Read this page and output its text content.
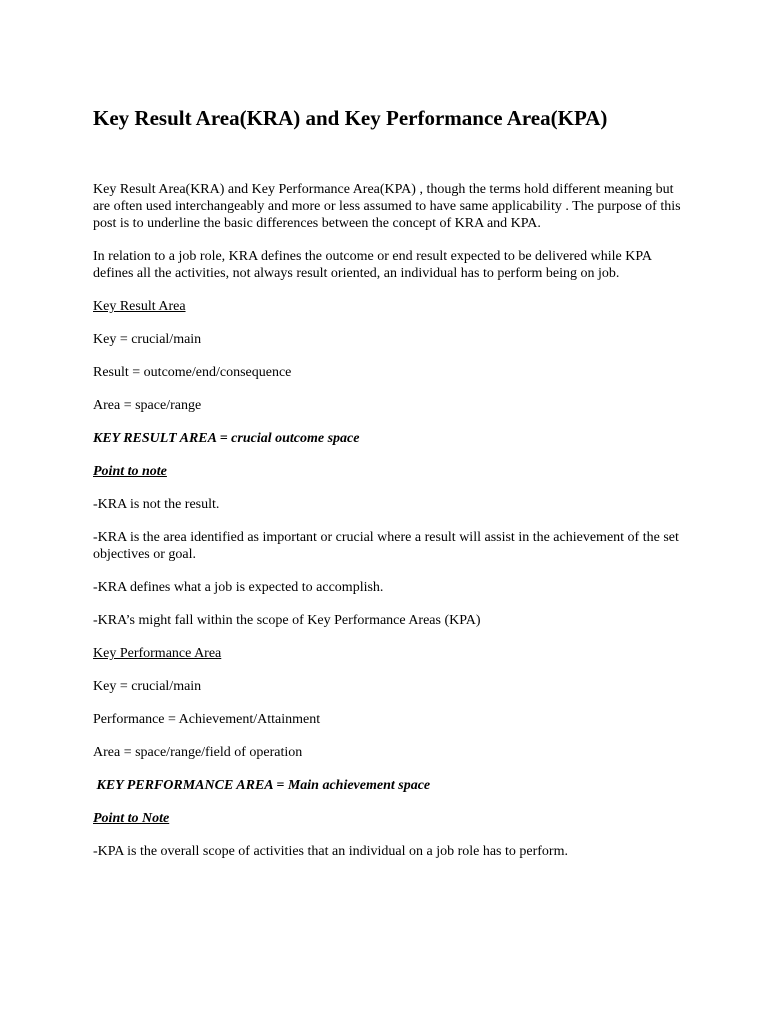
Key Result Area(KRA) and Key Performance Area(KPA)

Key Result Area(KRA) and Key Performance Area(KPA) , though the terms hold different meaning but are often used interchangeably and more or less assumed to have same applicability . The purpose of this post is to underline the basic differences between the concept of KRA and KPA.

In relation to a job role, KRA defines the outcome or end result expected to be delivered while KPA defines all the activities, not always result oriented, an individual has to perform being on job.

Key Result Area

Key = crucial/main

Result = outcome/end/consequence

Area = space/range

KEY RESULT AREA = crucial outcome space

Point to note

-KRA is not the result.

-KRA is the area identified as important or crucial where a result will assist in the achievement of the set objectives or goal.

-KRA defines what a job is expected to accomplish.

-KRA’s might fall within the scope of Key Performance Areas (KPA)

Key Performance Area

Key = crucial/main

Performance = Achievement/Attainment

Area = space/range/field of operation

KEY PERFORMANCE AREA = Main achievement space

Point to Note

-KPA is the overall scope of activities that an individual on a job role has to perform.
